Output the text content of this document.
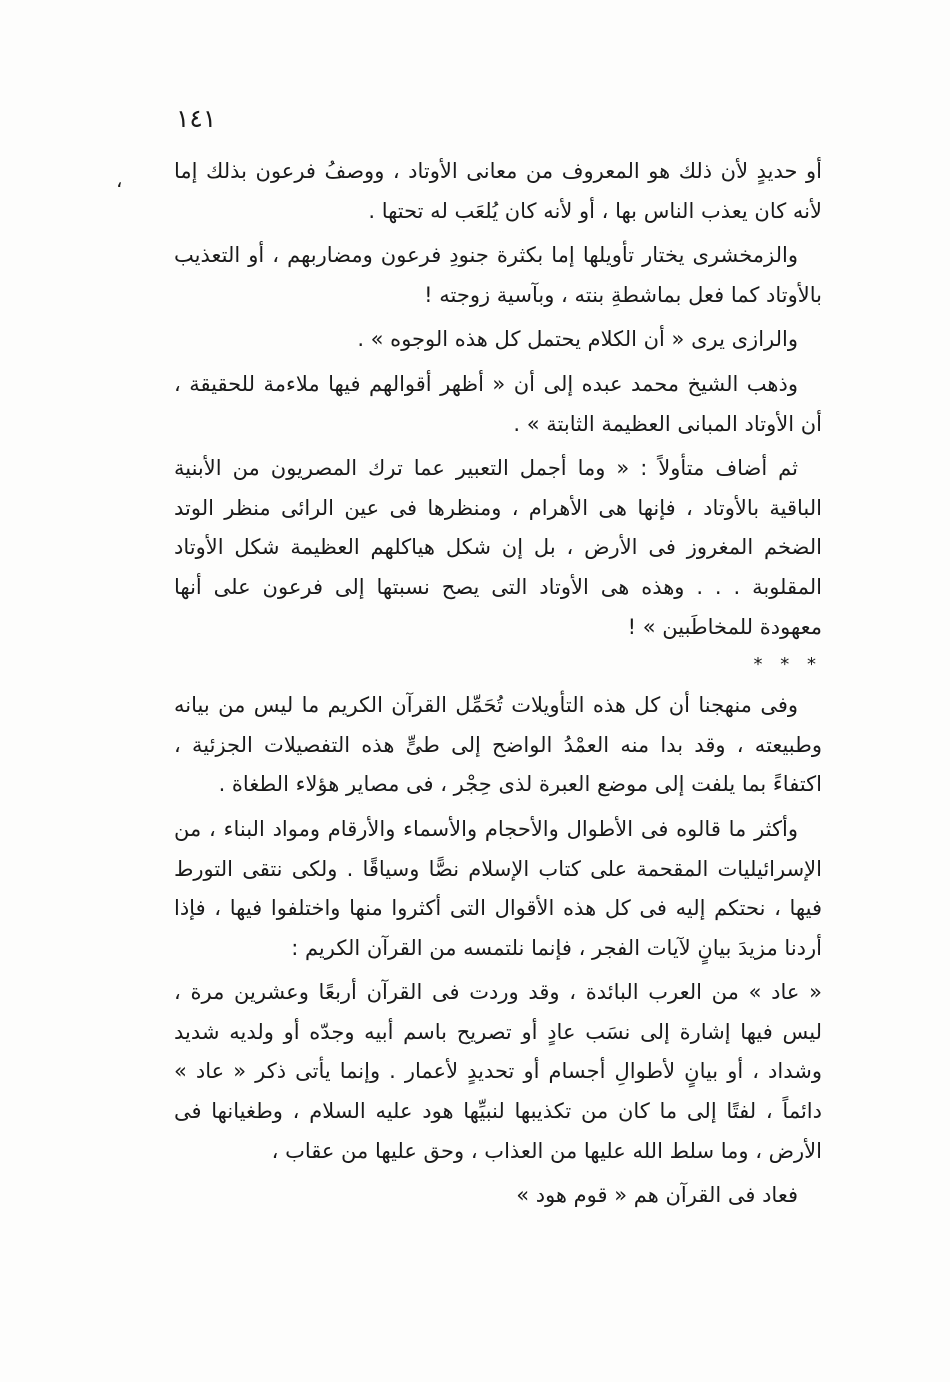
١٤١
، أو حديدٍ لأن ذلك هو المعروف من معانى الأوتاد ، ووصفُ فرعون بذلك إما لأنه كان يعذب الناس بها ، أو لأنه كان يُلعَب له تحتها .

والزمخشرى يختار تأويلها إما بكثرة جنودِ فرعون ومضاربهم ، أو التعذيب بالأوتاد كما فعل بماشطةِ بنته ، وبآسية زوجته !

والرازى يرى « أن الكلام يحتمل كل هذه الوجوه » .

وذهب الشيخ محمد عبده إلى أن « أظهر أقوالهم فيها ملاءمة للحقيقة ، أن الأوتاد المبانى العظيمة الثابتة » .

ثم أضاف متأولاً : « وما أجمل التعبير عما ترك المصريون من الأبنية الباقية بالأوتاد ، فإنها هى الأهرام ، ومنظرها فى عين الرائى منظر الوتد الضخم المغروز فى الأرض ، بل إن شكل هياكلهم العظيمة شكل الأوتاد المقلوبة . . . وهذه هى الأوتاد التى يصح نسبتها إلى فرعون على أنها معهودة للمخاطَبين » !

* * *

وفى منهجنا أن كل هذه التأويلات تُحَمِّل القرآن الكريم ما ليس من بيانه وطبيعته ، وقد بدا منه العمْدُ الواضح إلى طىٍّ هذه التفصيلات الجزئية ، اكتفاءً بما يلفت إلى موضع العبرة لذى حِجْر ، فى مصاير هؤلاء الطغاة .

وأكثر ما قالوه فى الأطوال والأحجام والأسماء والأرقام ومواد البناء ، من الإسرائيليات المقحمة على كتاب الإسلام نصًّا وسياقًا . ولكى نتقى التورط فيها ، نحتكم إليه فى كل هذه الأقوال التى أكثروا منها واختلفوا فيها ، فإذا أردنا مزيدَ بيانٍ لآيات الفجر ، فإنما نلتمسه من القرآن الكريم :

« عاد » من العرب البائدة ، وقد وردت فى القرآن أربعًا وعشرين مرة ، ليس فيها إشارة إلى نسَب عادٍ أو تصريح باسم أبيه وجدّه أو ولديه شديد وشداد ، أو بيانٍ لأطوالِ أجسام أو تحديدٍ لأعمار . وإنما يأتى ذكر « عاد » دائماً ، لفتًا إلى ما كان من تكذيبها لنبيِّها هود عليه السلام ، وطغيانها فى الأرض ، وما سلط الله عليها من العذاب ، وحق عليها من عقاب ،

فعاد فى القرآن هم « قوم هود »
